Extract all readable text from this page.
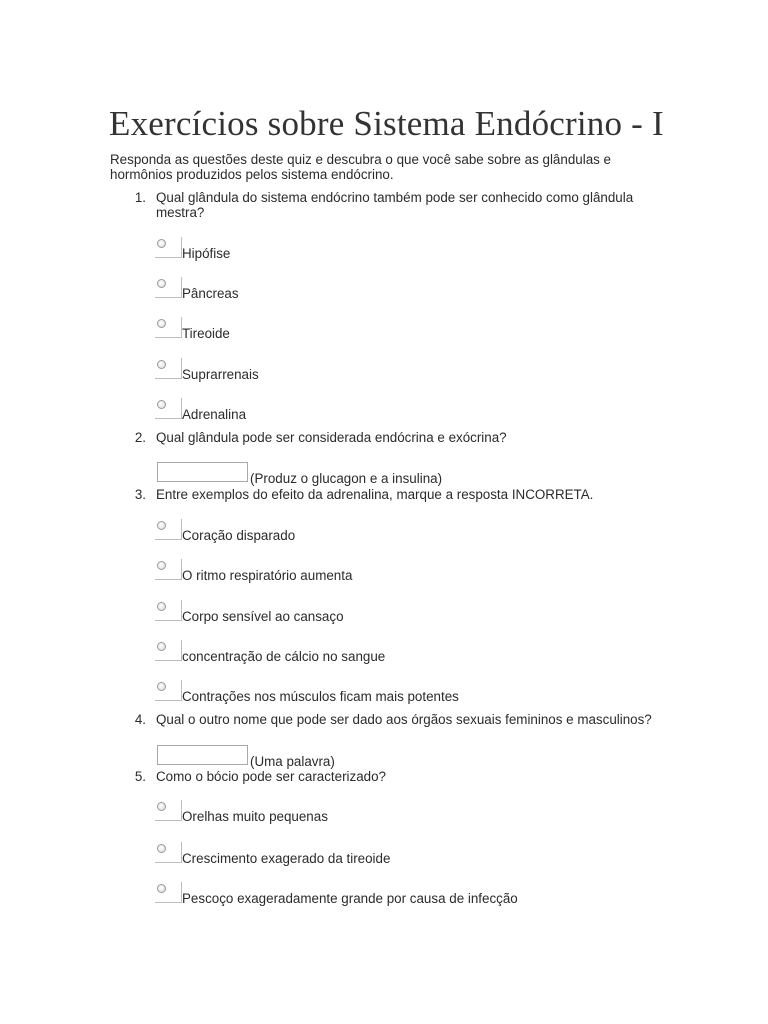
Exercícios sobre Sistema Endócrino - I

Responda as questões deste quiz e descubra o que você sabe sobre as glândulas e hormônios produzidos pelos sistema endócrino.

1. Qual glândula do sistema endócrino também pode ser conhecido como glândula mestra?
Hipófise
Pâncreas
Tireoide
Suprarrenais
Adrenalina
2. Qual glândula pode ser considerada endócrina e exócrina?
(Produz o glucagon e a insulina)
3. Entre exemplos do efeito da adrenalina, marque a resposta INCORRETA.
Coração disparado
O ritmo respiratório aumenta
Corpo sensível ao cansaço
concentração de cálcio no sangue
Contrações nos músculos ficam mais potentes
4. Qual o outro nome que pode ser dado aos órgãos sexuais femininos e masculinos?
(Uma palavra)
5. Como o bócio pode ser caracterizado?
Orelhas muito pequenas
Crescimento exagerado da tireoide
Pescoço exageradamente grande por causa de infecção
